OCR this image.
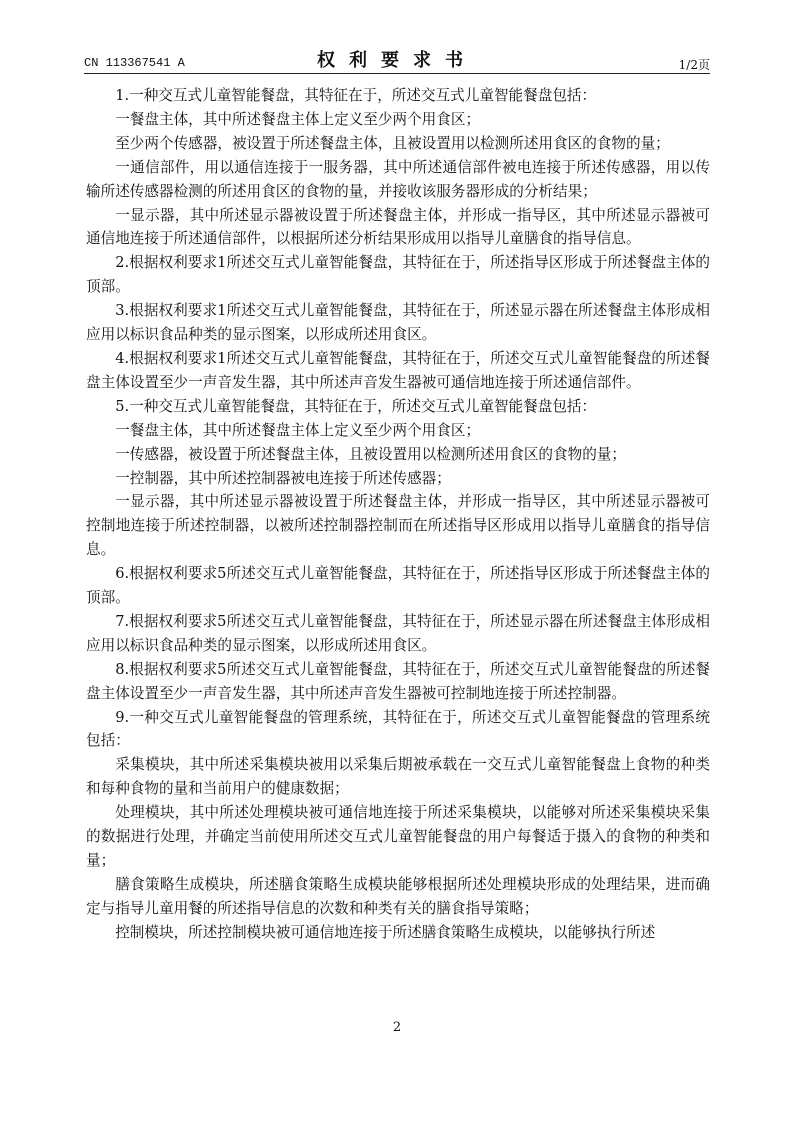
CN 113367541 A	权利要求书	1/2页

1.一种交互式儿童智能餐盘，其特征在于，所述交互式儿童智能餐盘包括：

一餐盘主体，其中所述餐盘主体上定义至少两个用食区；

至少两个传感器，被设置于所述餐盘主体，且被设置用以检测所述用食区的食物的量；

一通信部件，用以通信连接于一服务器，其中所述通信部件被电连接于所述传感器，用以传输所述传感器检测的所述用食区的食物的量，并接收该服务器形成的分析结果；

一显示器，其中所述显示器被设置于所述餐盘主体，并形成一指导区，其中所述显示器被可通信地连接于所述通信部件，以根据所述分析结果形成用以指导儿童膳食的指导信息。

2.根据权利要求1所述交互式儿童智能餐盘，其特征在于，所述指导区形成于所述餐盘主体的顶部。

3.根据权利要求1所述交互式儿童智能餐盘，其特征在于，所述显示器在所述餐盘主体形成相应用以标识食品种类的显示图案，以形成所述用食区。

4.根据权利要求1所述交互式儿童智能餐盘，其特征在于，所述交互式儿童智能餐盘的所述餐盘主体设置至少一声音发生器，其中所述声音发生器被可通信地连接于所述通信部件。

5.一种交互式儿童智能餐盘，其特征在于，所述交互式儿童智能餐盘包括：

一餐盘主体，其中所述餐盘主体上定义至少两个用食区；

一传感器，被设置于所述餐盘主体，且被设置用以检测所述用食区的食物的量；

一控制器，其中所述控制器被电连接于所述传感器；

一显示器，其中所述显示器被设置于所述餐盘主体，并形成一指导区，其中所述显示器被可控制地连接于所述控制器，以被所述控制器控制而在所述指导区形成用以指导儿童膳食的指导信息。

6.根据权利要求5所述交互式儿童智能餐盘，其特征在于，所述指导区形成于所述餐盘主体的顶部。

7.根据权利要求5所述交互式儿童智能餐盘，其特征在于，所述显示器在所述餐盘主体形成相应用以标识食品种类的显示图案，以形成所述用食区。

8.根据权利要求5所述交互式儿童智能餐盘，其特征在于，所述交互式儿童智能餐盘的所述餐盘主体设置至少一声音发生器，其中所述声音发生器被可控制地连接于所述控制器。

9.一种交互式儿童智能餐盘的管理系统，其特征在于，所述交互式儿童智能餐盘的管理系统包括：

采集模块，其中所述采集模块被用以采集后期被承载在一交互式儿童智能餐盘上食物的种类和每种食物的量和当前用户的健康数据；

处理模块，其中所述处理模块被可通信地连接于所述采集模块，以能够对所述采集模块采集的数据进行处理，并确定当前使用所述交互式儿童智能餐盘的用户每餐适于摄入的食物的种类和量；

膳食策略生成模块，所述膳食策略生成模块能够根据所述处理模块形成的处理结果，进而确定与指导儿童用餐的所述指导信息的次数和种类有关的膳食指导策略；

控制模块，所述控制模块被可通信地连接于所述膳食策略生成模块，以能够执行所述

2
